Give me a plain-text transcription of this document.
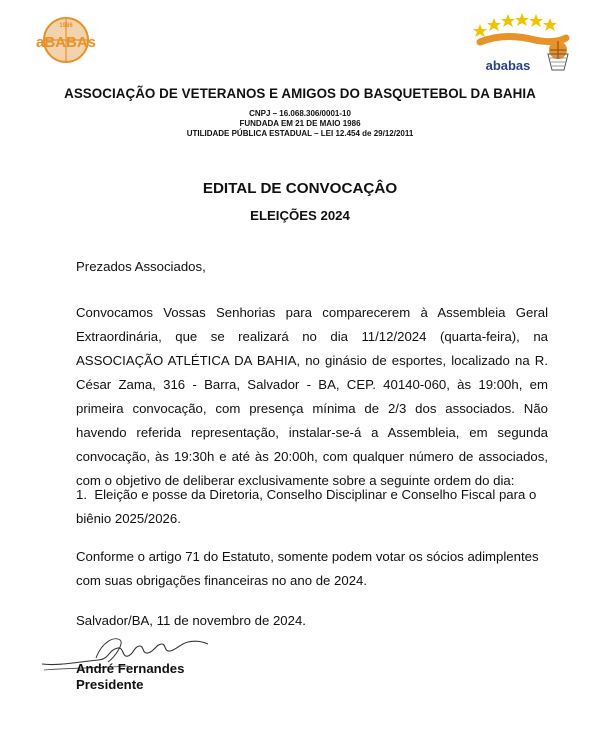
1986
aBABAs
ababas
ASSOCIAÇÃO DE VETERANOS E AMIGOS DO BASQUETEBOL DA BAHIA
CNPJ – 16.068.306/0001-10
FUNDADA EM 21 DE MAIO 1986
UTILIDADE PÚBLICA ESTADUAL – LEI 12.454 de 29/12/2011
EDITAL DE CONVOCAÇÂO
ELEIÇÕES 2024
Prezados Associados,
Convocamos Vossas Senhorias para comparecerem à Assembleia Geral Extraordinária, que se realizará no dia 11/12/2024 (quarta-feira), na ASSOCIAÇÃO ATLÉTICA DA BAHIA, no ginásio de esportes, localizado na R. César Zama, 316 - Barra, Salvador - BA, CEP. 40140-060, às 19:00h, em primeira convocação, com presença mínima de 2/3 dos associados. Não havendo referida representação, instalar-se-á a Assembleia, em segunda convocação, às 19:30h e até às 20:00h, com qualquer número de associados, com o objetivo de deliberar exclusivamente sobre a seguinte ordem do dia:
1. Eleição e posse da Diretoria, Conselho Disciplinar e Conselho Fiscal para o biênio 2025/2026.
Conforme o artigo 71 do Estatuto, somente podem votar os sócios adimplentes com suas obrigações financeiras no ano de 2024.
Salvador/BA, 11 de novembro de 2024.
André Fernandes
Presidente
